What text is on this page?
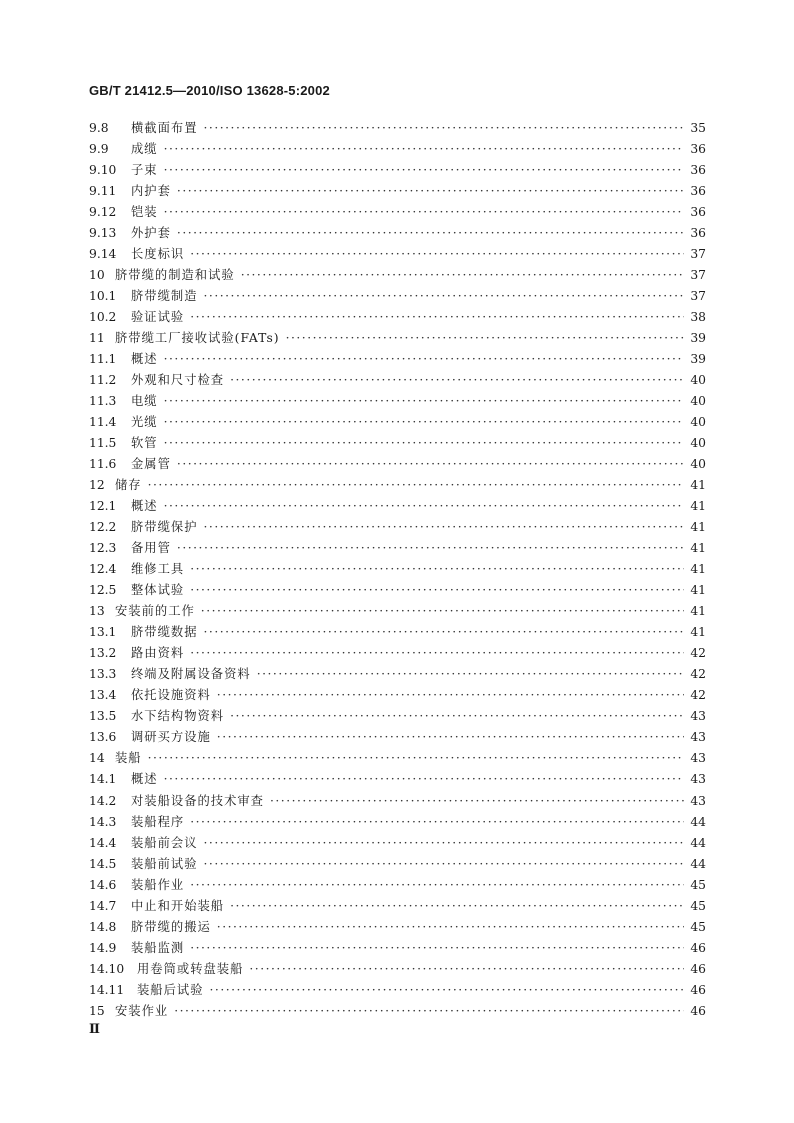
GB/T 21412.5—2010/ISO 13628-5:2002
9.8	横截面布置 ·····	35
9.9	成缆 ·····	36
9.10	子束 ·····	36
9.11	内护套 ·····	36
9.12	铠装 ·····	36
9.13	外护套 ·····	36
9.14	长度标识 ·····	37
10 脐带缆的制造和试验 ·····	37
10.1	脐带缆制造 ·····	37
10.2	验证试验 ·····	38
11 脐带缆工厂接收试验(FATs) ·····	39
11.1	概述 ·····	39
11.2	外观和尺寸检查 ·····	40
11.3	电缆 ·····	40
11.4	光缆 ·····	40
11.5	软管 ·····	40
11.6	金属管 ·····	40
12 储存 ·····	41
12.1	概述 ·····	41
12.2	脐带缆保护 ·····	41
12.3	备用管 ·····	41
12.4	维修工具 ·····	41
12.5	整体试验 ·····	41
13 安装前的工作 ·····	41
13.1	脐带缆数据 ·····	41
13.2	路由资料 ·····	42
13.3	终端及附属设备资料 ·····	42
13.4	依托设施资料 ·····	42
13.5	水下结构物资料 ·····	43
13.6	调研买方设施 ·····	43
14 装船 ·····	43
14.1	概述 ·····	43
14.2	对装船设备的技术审查 ·····	43
14.3	装船程序 ·····	44
14.4	装船前会议 ·····	44
14.5	装船前试验 ·····	44
14.6	装船作业 ·····	45
14.7	中止和开始装船 ·····	45
14.8	脐带缆的搬运 ·····	45
14.9	装船监测 ·····	46
14.10	用卷筒或转盘装船 ·····	46
14.11	装船后试验 ·····	46
15 安装作业 ·····	46
Ⅱ
